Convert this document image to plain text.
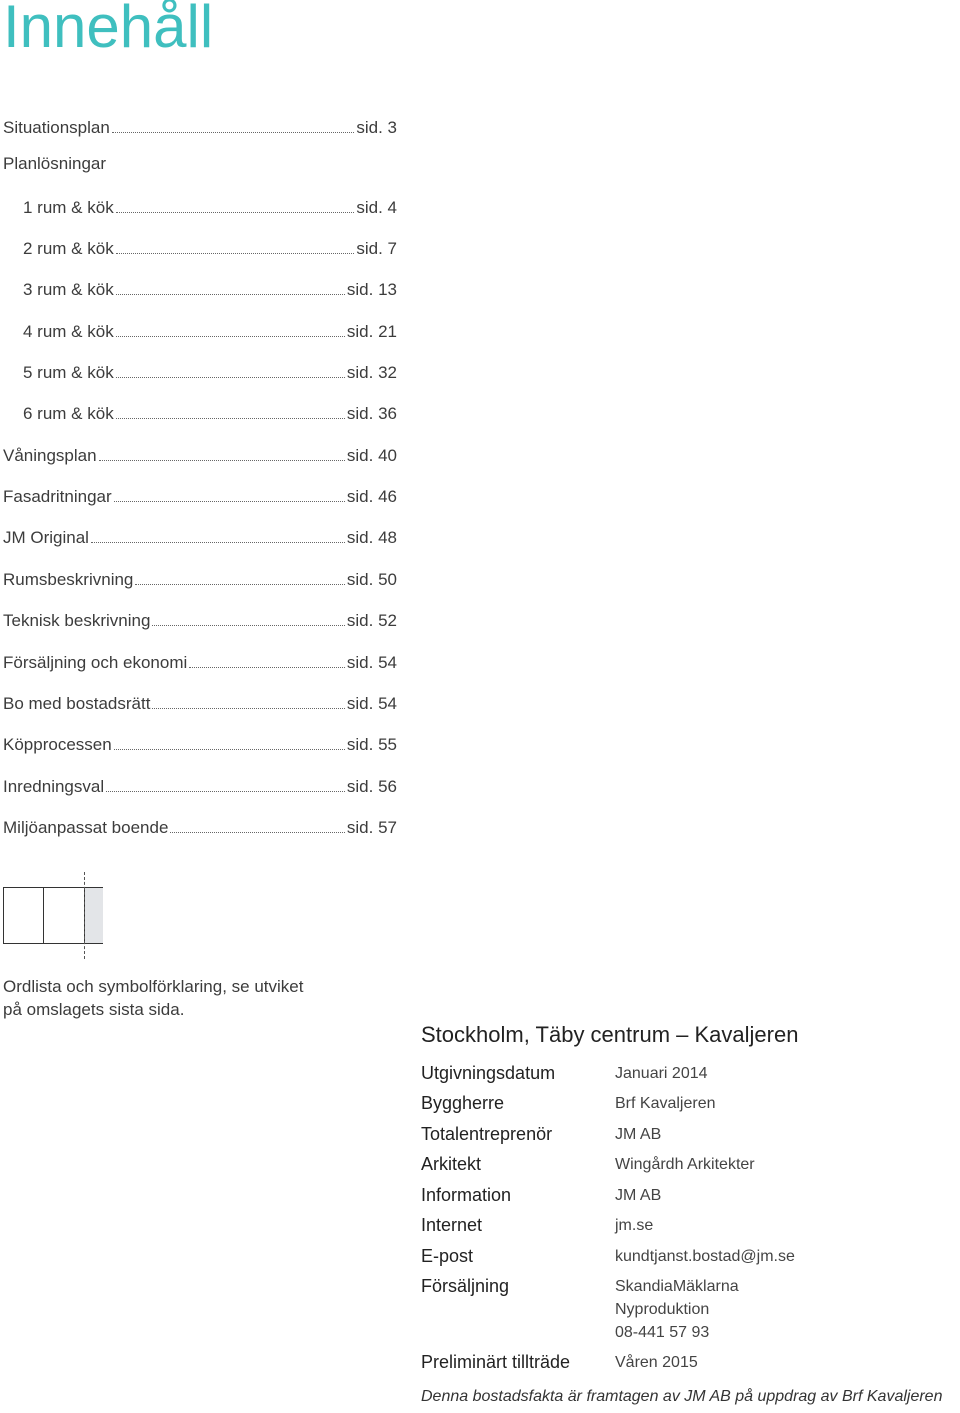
Innehåll
Situationsplan	sid. 3
Planlösningar
1 rum & kök	sid. 4
2 rum & kök	sid. 7
3 rum & kök	sid. 13
4 rum & kök	sid. 21
5 rum & kök	sid. 32
6 rum & kök	sid. 36
Våningsplan	sid. 40
Fasadritningar	sid. 46
JM Original	sid. 48
Rumsbeskrivning	sid. 50
Teknisk beskrivning	sid. 52
Försäljning och ekonomi	sid. 54
Bo med bostadsrätt	sid. 54
Köpprocessen	sid. 55
Inredningsval	sid. 56
Miljöanpassat boende	sid. 57
Ordlista och symbolförklaring, se utviket
på omslagets sista sida.
Stockholm, Täby centrum – Kavaljeren
Utgivningsdatum	Januari 2014
Byggherre	Brf Kavaljeren
Totalentreprenör	JM AB
Arkitekt	Wingårdh Arkitekter
Information	JM AB
Internet	jm.se
E-post	kundtjanst.bostad@jm.se
Försäljning	SkandiaMäklarna
Nyproduktion
08-441 57 93
Preliminärt tillträde	Våren 2015
Denna bostadsfakta är framtagen av JM AB på uppdrag av Brf Kavaljeren
